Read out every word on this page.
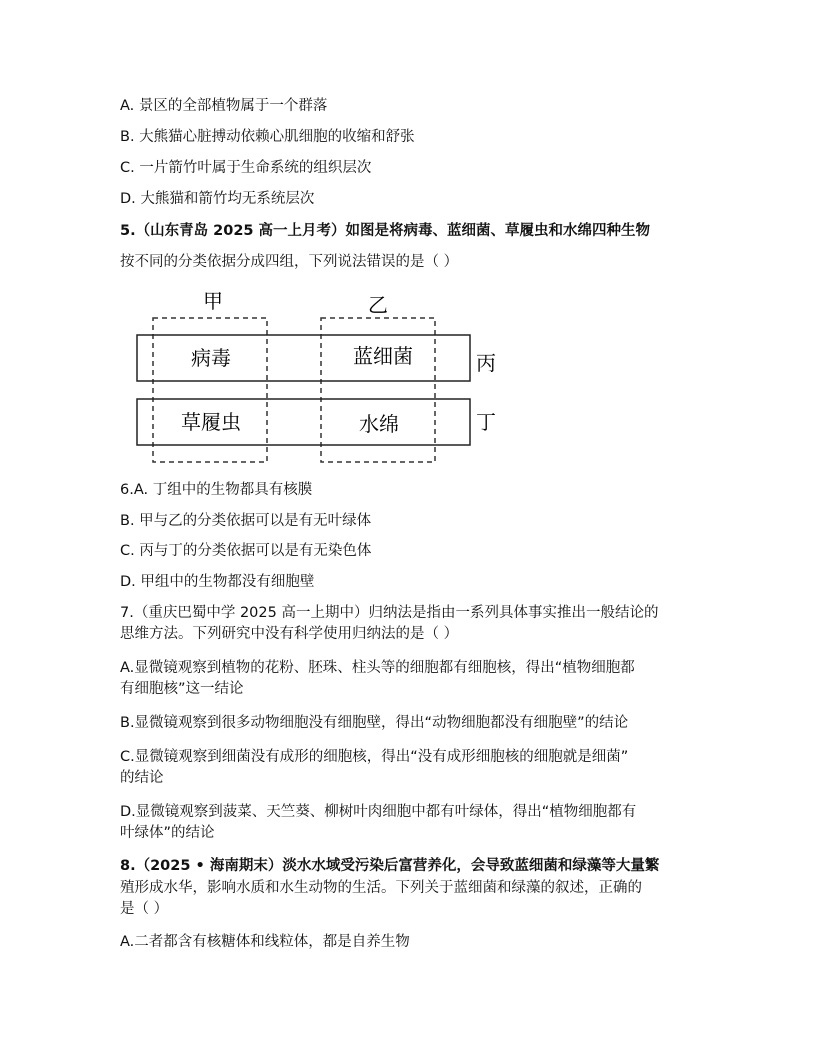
A. 景区的全部植物属于一个群落
B. 大熊猫心脏搏动依赖心肌细胞的收缩和舒张
C. 一片箭竹叶属于生命系统的组织层次
D. 大熊猫和箭竹均无系统层次
5.（山东青岛 2025 高一上月考）如图是将病毒、蓝细菌、草履虫和水绵四种生物
按不同的分类依据分成四组，下列说法错误的是（ ）
甲	乙
丙
丁
病毒	蓝细菌
草履虫	水绵
6.A. 丁组中的生物都具有核膜
B. 甲与乙的分类依据可以是有无叶绿体
C. 丙与丁的分类依据可以是有无染色体
D. 甲组中的生物都没有细胞壁
7.（重庆巴蜀中学 2025 高一上期中）归纳法是指由一系列具体事实推出一般结论的
思维方法。下列研究中没有科学使用归纳法的是（ ）
A.显微镜观察到植物的花粉、胚珠、柱头等的细胞都有细胞核，得出“植物细胞都
有细胞核”这一结论
B.显微镜观察到很多动物细胞没有细胞壁，得出“动物细胞都没有细胞壁”的结论
C.显微镜观察到细菌没有成形的细胞核，得出“没有成形细胞核的细胞就是细菌”
的结论
D.显微镜观察到菠菜、天竺葵、柳树叶肉细胞中都有叶绿体，得出“植物细胞都有
叶绿体”的结论
8.（2025 • 海南期末）淡水水域受污染后富营养化，会导致蓝细菌和绿藻等大量繁
殖形成水华，影响水质和水生动物的生活。下列关于蓝细菌和绿藻的叙述，正确的
是（ ）
A.二者都含有核糖体和线粒体，都是自养生物
